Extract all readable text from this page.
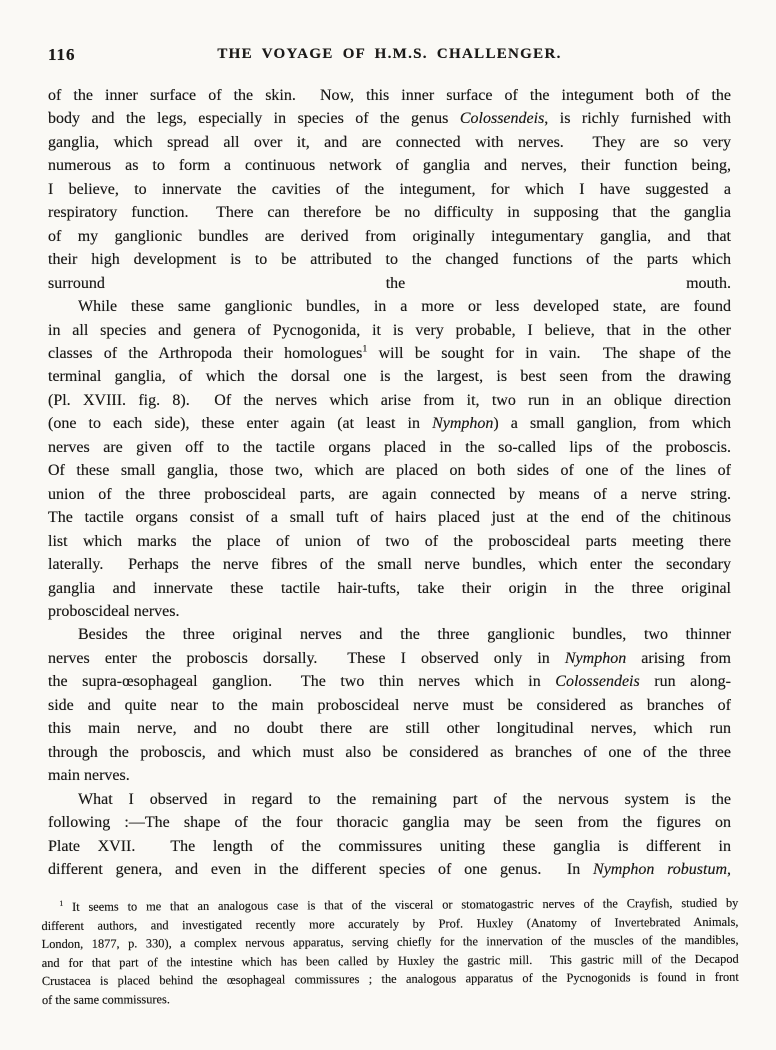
116	THE VOYAGE OF H.M.S. CHALLENGER.
of the inner surface of the skin.  Now, this inner surface of the integument both of the
body and the legs, especially in species of the genus Colossendeis, is richly furnished with
ganglia, which spread all over it, and are connected with nerves.  They are so very
numerous as to form a continuous network of ganglia and nerves, their function being,
I believe, to innervate the cavities of the integument, for which I have suggested a
respiratory function.  There can therefore be no difficulty in supposing that the ganglia
of my ganglionic bundles are derived from originally integumentary ganglia, and that
their high development is to be attributed to the changed functions of the parts which
surround the mouth.
While these same ganglionic bundles, in a more or less developed state, are found
in all species and genera of Pycnogonida, it is very probable, I believe, that in the other
classes of the Arthropoda their homologues$^1$ will be sought for in vain.  The shape of the
terminal ganglia, of which the dorsal one is the largest, is best seen from the drawing
(Pl. XVIII. fig. 8).  Of the nerves which arise from it, two run in an oblique direction
(one to each side), these enter again (at least in Nymphon) a small ganglion, from which
nerves are given off to the tactile organs placed in the so-called lips of the proboscis.
Of these small ganglia, those two, which are placed on both sides of one of the lines of
union of the three proboscideal parts, are again connected by means of a nerve string.
The tactile organs consist of a small tuft of hairs placed just at the end of the chitinous
list which marks the place of union of two of the proboscideal parts meeting there
laterally.  Perhaps the nerve fibres of the small nerve bundles, which enter the secondary
ganglia and innervate these tactile hair-tufts, take their origin in the three original
proboscideal nerves.
Besides the three original nerves and the three ganglionic bundles, two thinner
nerves enter the proboscis dorsally.  These I observed only in Nymphon arising from
the supra-œsophageal ganglion.  The two thin nerves which in Colossendeis run along-
side and quite near to the main proboscideal nerve must be considered as branches of
this main nerve, and no doubt there are still other longitudinal nerves, which run
through the proboscis, and which must also be considered as branches of one of the three
main nerves.
What I observed in regard to the remaining part of the nervous system is the
following :—The shape of the four thoracic ganglia may be seen from the figures on
Plate XVII.  The length of the commissures uniting these ganglia is different in
different genera, and even in the different species of one genus.  In Nymphon robustum,
$^1$ It seems to me that an analogous case is that of the visceral or stomatogastric nerves of the Crayfish, studied by
different authors, and investigated recently more accurately by Prof. Huxley (Anatomy of Invertebrated Animals,
London, 1877, p. 330), a complex nervous apparatus, serving chiefly for the innervation of the muscles of the mandibles,
and for that part of the intestine which has been called by Huxley the gastric mill.  This gastric mill of the Decapod
Crustacea is placed behind the œsophageal commissures ; the analogous apparatus of the Pycnogonids is found in front
of the same commissures.
